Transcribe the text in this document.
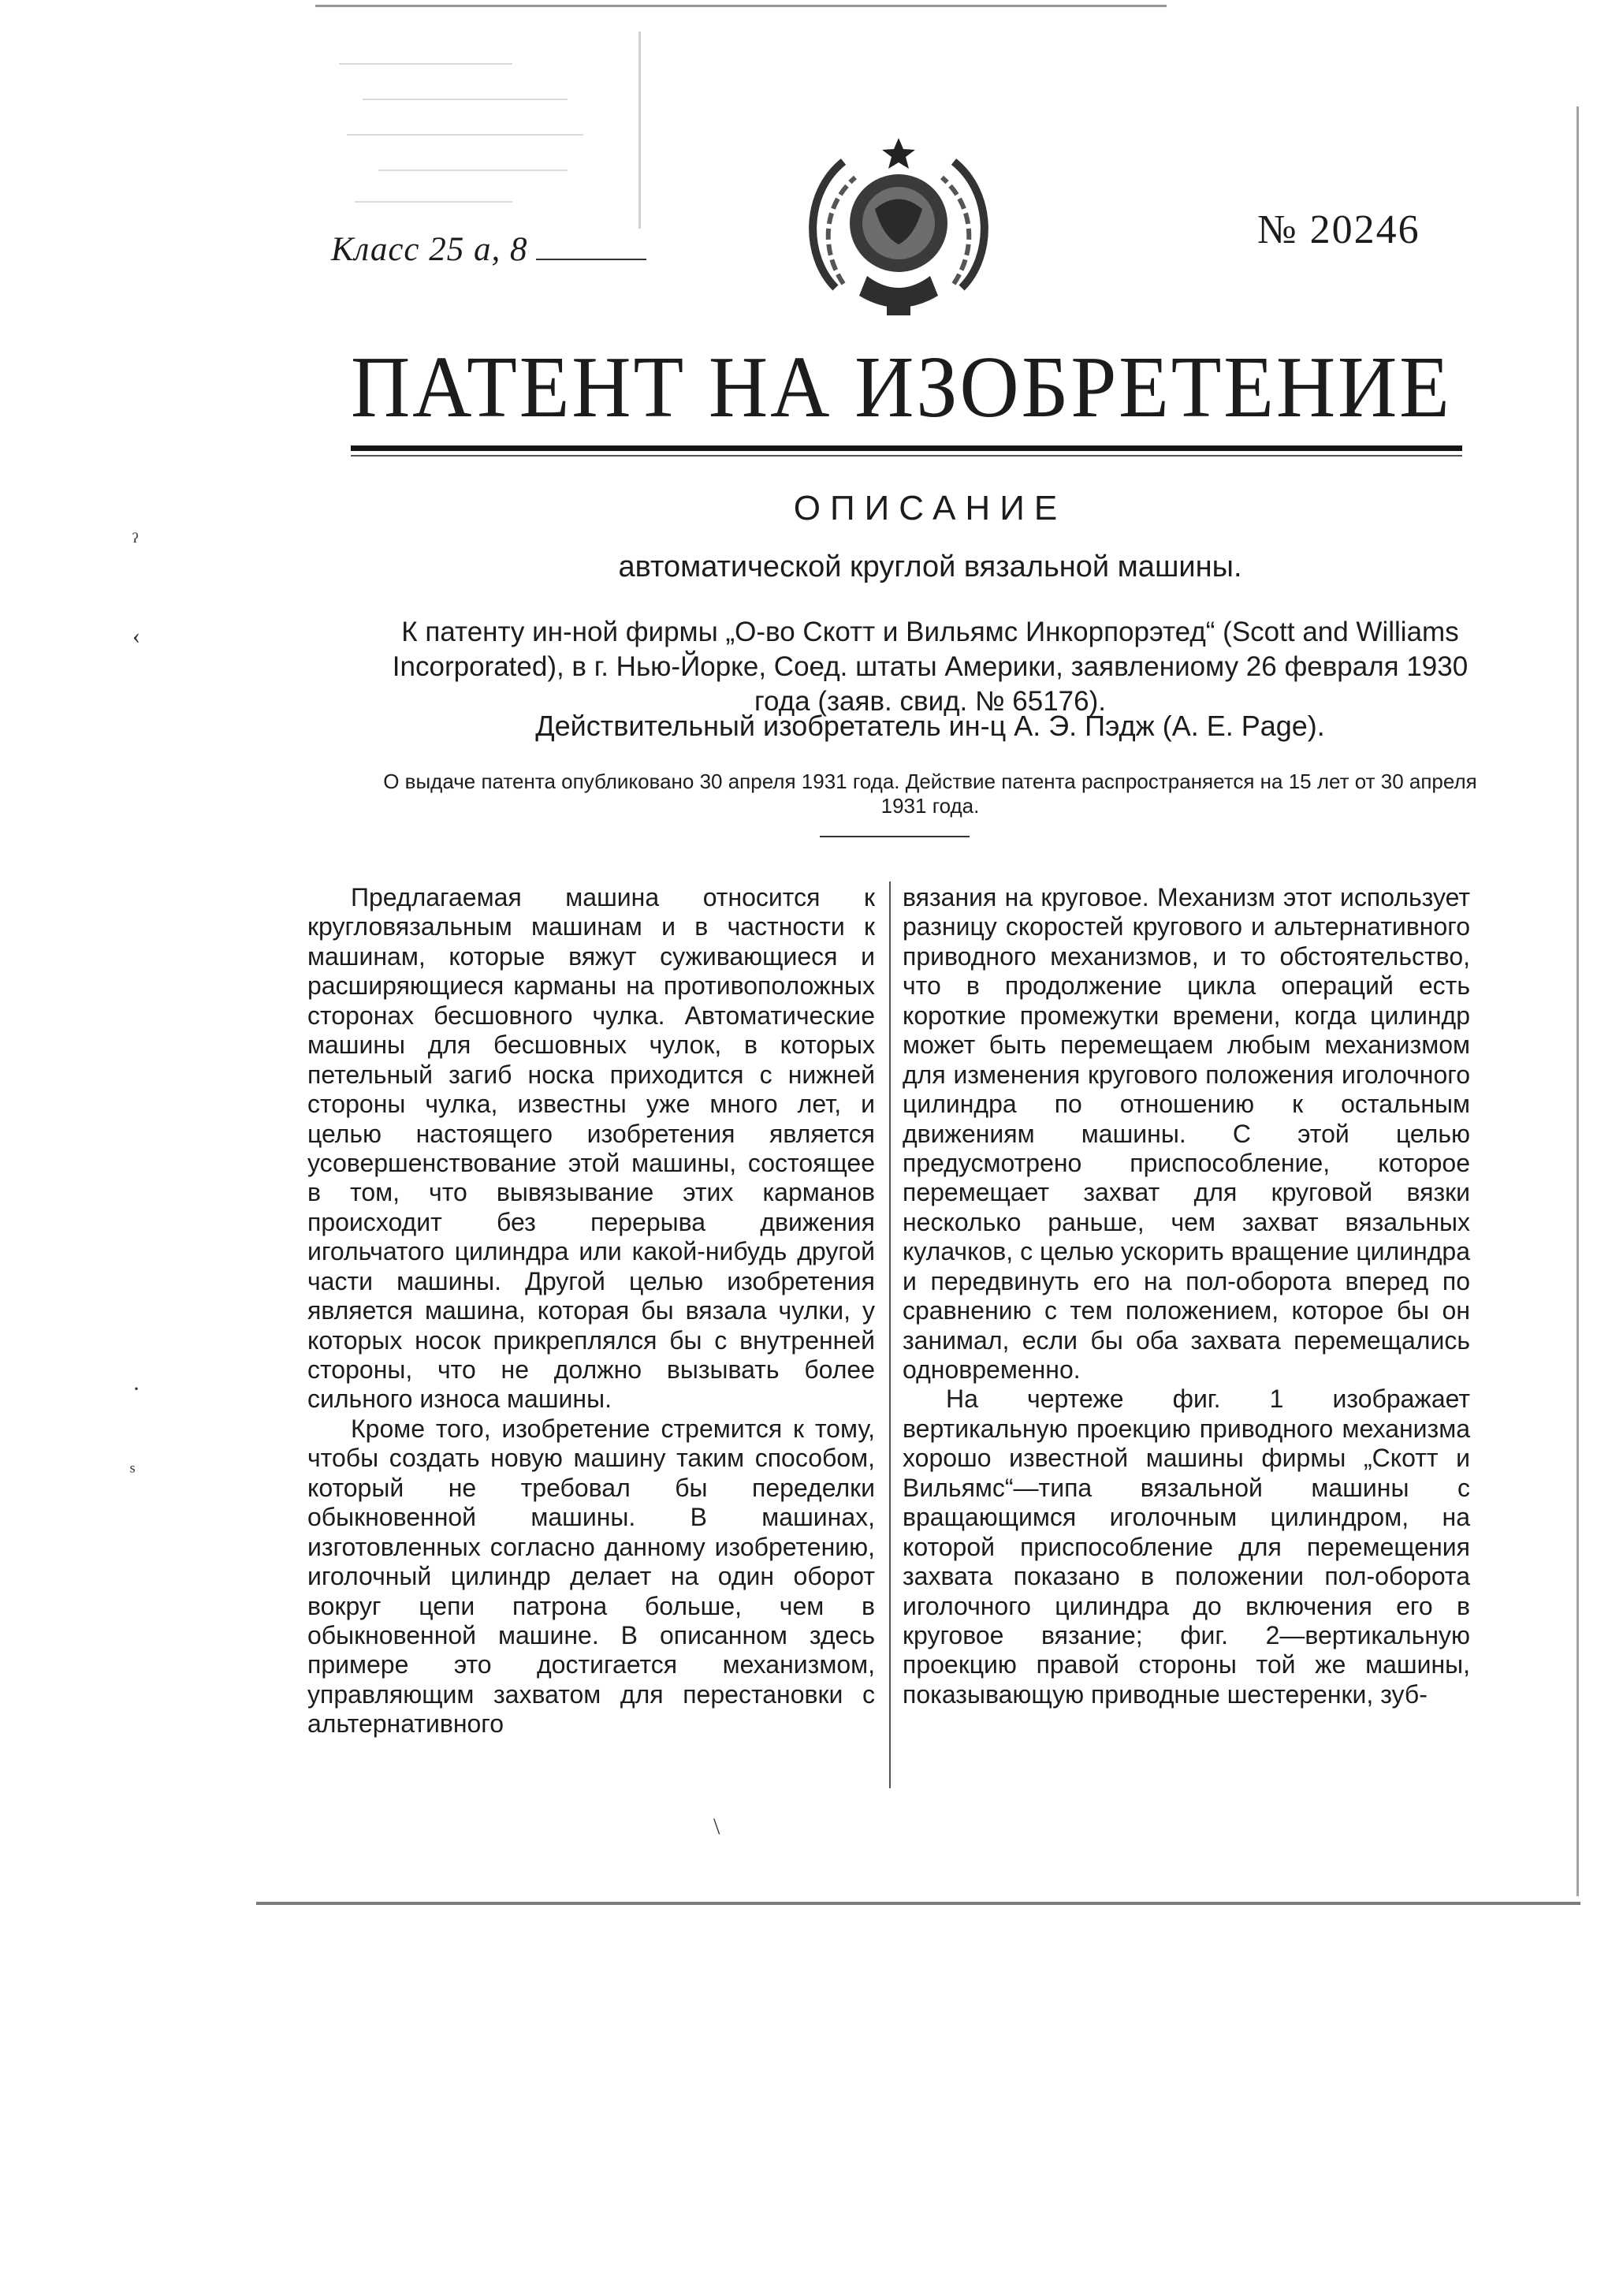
Класс 25 а, 8	№ 20246
ПАТЕНТ НА ИЗОБРЕТЕНИЕ
ОПИСАНИЕ
автоматической круглой вязальной машины.
К патенту ин-ной фирмы „О-во Скотт и Вильямс Инкорпорэтед“ (Scott and Williams Incorporated), в г. Нью-Йорке, Соед. штаты Америки, заявлениому 26 февраля 1930 года (заяв. свид. № 65176).
Действительный изобретатель ин-ц А. Э. Пэдж (A. E. Page).
О выдаче патента опубликовано 30 апреля 1931 года. Действие патента распространяется на 15 лет от 30 апреля 1931 года.

Предлагаемая машина относится к кругловязальным машинам и в частности к машинам, которые вяжут суживающиеся и расширяющиеся карманы на противоположных сторонах бесшовного чулка. Автоматические машины для бесшовных чулок, в которых петельный загиб носка приходится с нижней стороны чулка, известны уже много лет, и целью настоящего изобретения является усовершенствование этой машины, состоящее в том, что вывязывание этих карманов происходит без перерыва движения игольчатого цилиндра или какой-нибудь другой части машины. Другой целью изобретения является машина, которая бы вязала чулки, у которых носок прикреплялся бы с внутренней стороны, что не должно вызывать более сильного износа машины.

Кроме того, изобретение стремится к тому, чтобы создать новую машину таким способом, который не требовал бы переделки обыкновенной машины. В машинах, изготовленных согласно данному изобретению, иголочный цилиндр делает на один оборот вокруг цепи патрона больше, чем в обыкновенной машине. В описанном здесь примере это достигается механизмом, управляющим захватом для перестановки с альтернативного

вязания на круговое. Механизм этот использует разницу скоростей кругового и альтернативного приводного механизмов, и то обстоятельство, что в продолжение цикла операций есть короткие промежутки времени, когда цилиндр может быть перемещаем любым механизмом для изменения кругового положения иголочного цилиндра по отношению к остальным движениям машины. С этой целью предусмотрено приспособление, которое перемещает захват для круговой вязки несколько раньше, чем захват вязальных кулачков, с целью ускорить вращение цилиндра и передвинуть его на пол-оборота вперед по сравнению с тем положением, которое бы он занимал, если бы оба захвата перемещались одновременно.

На чертеже фиг. 1 изображает вертикальную проекцию приводного механизма хорошо известной машины фирмы „Скотт и Вильямс“—типа вязальной машины с вращающимся иголочным цилиндром, на которой приспособление для перемещения захвата показано в положении пол-оборота иголочного цилиндра до включения его в круговое вязание; фиг. 2—вертикальную проекцию правой стороны той же машины, показывающую приводные шестеренки, зуб-

ˀ
‹
·
ˢ
\
